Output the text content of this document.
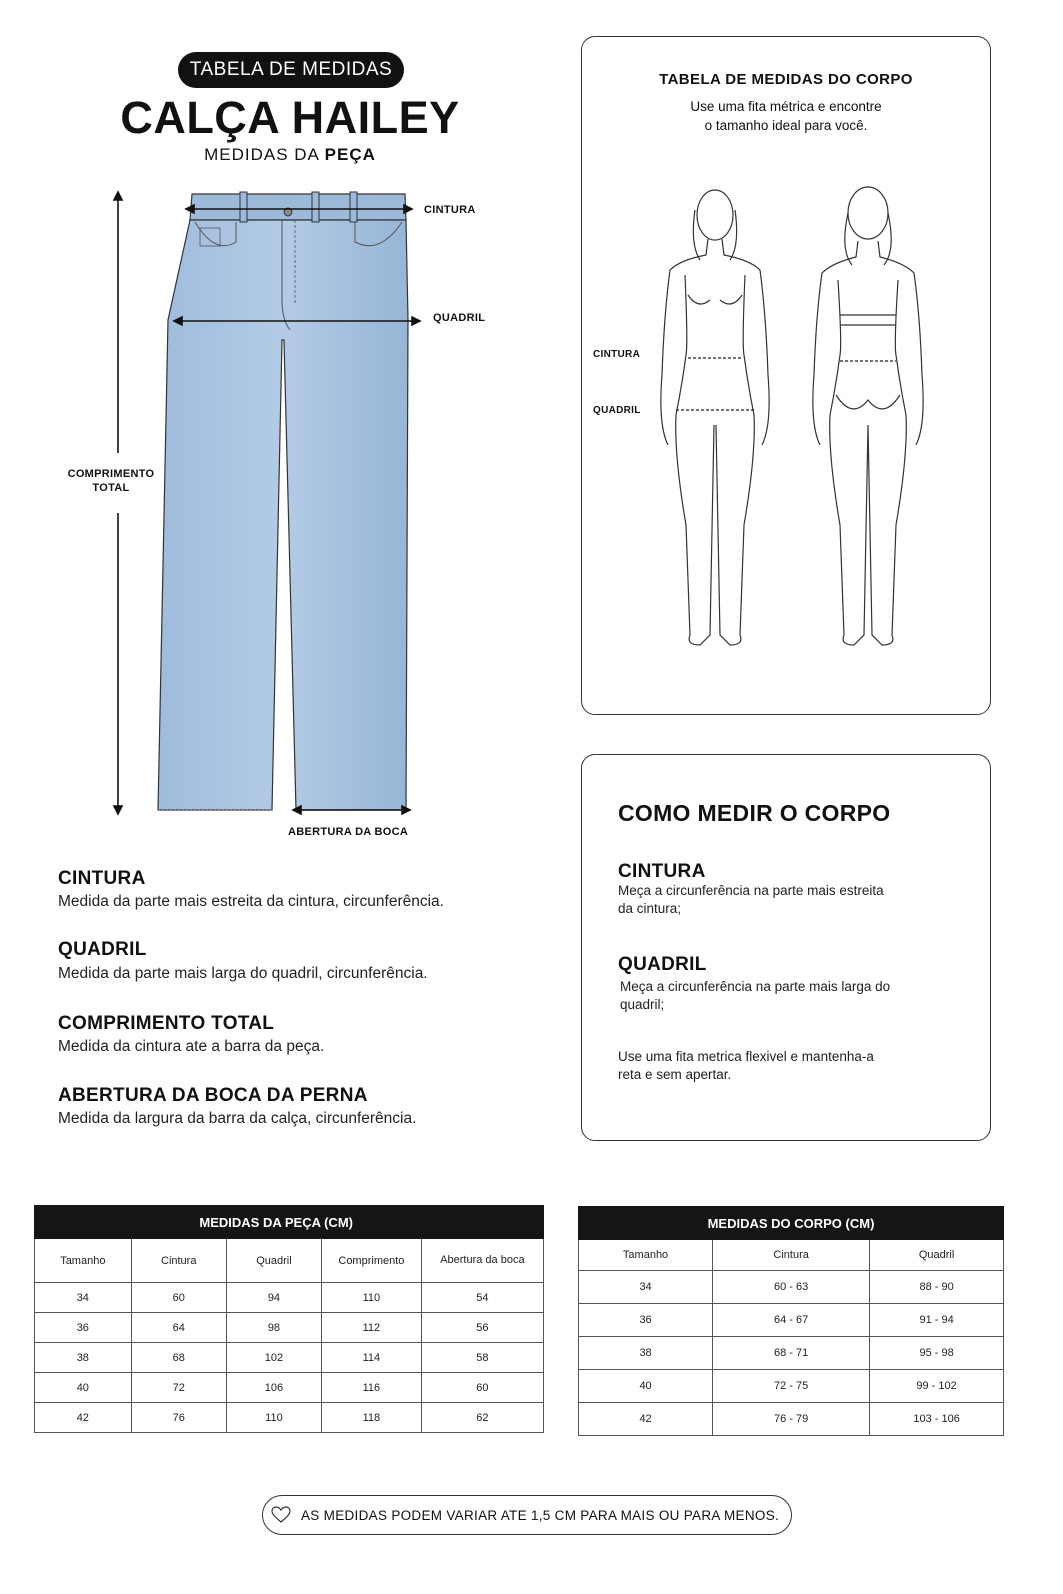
TABELA DE MEDIDAS
CALÇA HAILEY
MEDIDAS DA PEÇA
CINTURA
QUADRIL
COMPRIMENTO
TOTAL
ABERTURA DA BOCA
TABELA DE MEDIDAS DO CORPO
Use uma fita métrica e encontre
o tamanho ideal para você.
CINTURA
QUADRIL
CINTURA
Medida da parte mais estreita da cintura, circunferência.
QUADRIL
Medida da parte mais larga do quadril, circunferência.
COMPRIMENTO TOTAL
Medida da cintura ate a barra da peça.
ABERTURA DA BOCA DA PERNA
Medida da largura da barra da calça, circunferência.
COMO MEDIR O CORPO
CINTURA
Meça a circunferência na parte mais estreita
da cintura;
QUADRIL
Meça a circunferência na parte mais larga do
quadril;
Use uma fita metrica flexivel e mantenha-a
reta e sem apertar.
	MEDIDAS DA PEÇA (CM)			
Tamanho	Cintura	Quadril	Comprimento	Abertura da boca
34	60	94	110	54
36	64	98	112	56
38	68	102	114	58
40	72	106	116	60
42	76	110	118	62
MEDIDAS DO CORPO (CM)		
Tamanho	Cintura	Quadril
34	60 - 63	88 - 90
36	64 - 67	91 - 94
38	68 - 71	95 - 98
40	72 - 75	99 - 102
42	76 - 79	103 - 106
AS MEDIDAS PODEM VARIAR ATE 1,5 CM PARA MAIS OU PARA MENOS.
